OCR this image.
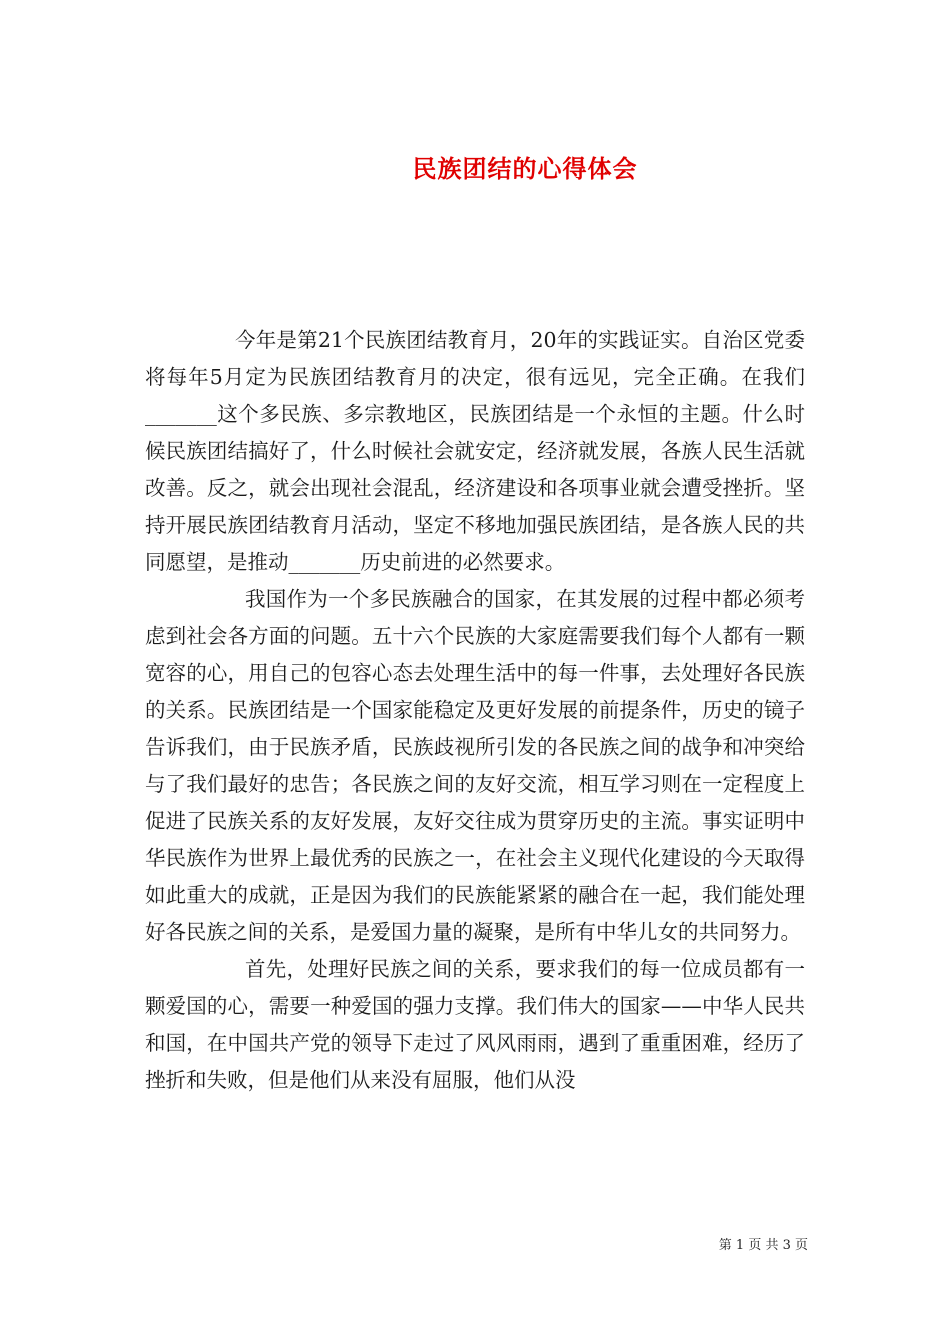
民族团结的心得体会

今年是第21个民族团结教育月，20年的实践证实。自治区党委将每年5月定为民族团结教育月的决定，很有远见，完全正确。在我们_______这个多民族、多宗教地区，民族团结是一个永恒的主题。什么时候民族团结搞好了，什么时候社会就安定，经济就发展，各族人民生活就改善。反之，就会出现社会混乱，经济建设和各项事业就会遭受挫折。坚持开展民族团结教育月活动，坚定不移地加强民族团结，是各族人民的共同愿望，是推动_______历史前进的必然要求。

我国作为一个多民族融合的国家，在其发展的过程中都必须考虑到社会各方面的问题。五十六个民族的大家庭需要我们每个人都有一颗宽容的心，用自己的包容心态去处理生活中的每一件事，去处理好各民族的关系。民族团结是一个国家能稳定及更好发展的前提条件，历史的镜子告诉我们，由于民族矛盾，民族歧视所引发的各民族之间的战争和冲突给与了我们最好的忠告；各民族之间的友好交流，相互学习则在一定程度上促进了民族关系的友好发展，友好交往成为贯穿历史的主流。事实证明中华民族作为世界上最优秀的民族之一，在社会主义现代化建设的今天取得如此重大的成就，正是因为我们的民族能紧紧的融合在一起，我们能处理好各民族之间的关系，是爱国力量的凝聚，是所有中华儿女的共同努力。

首先，处理好民族之间的关系，要求我们的每一位成员都有一颗爱国的心，需要一种爱国的强力支撑。我们伟大的国家——中华人民共和国，在中国共产党的领导下走过了风风雨雨，遇到了重重困难，经历了挫折和失败，但是他们从来没有屈服，他们从没

第 1 页 共 3 页
